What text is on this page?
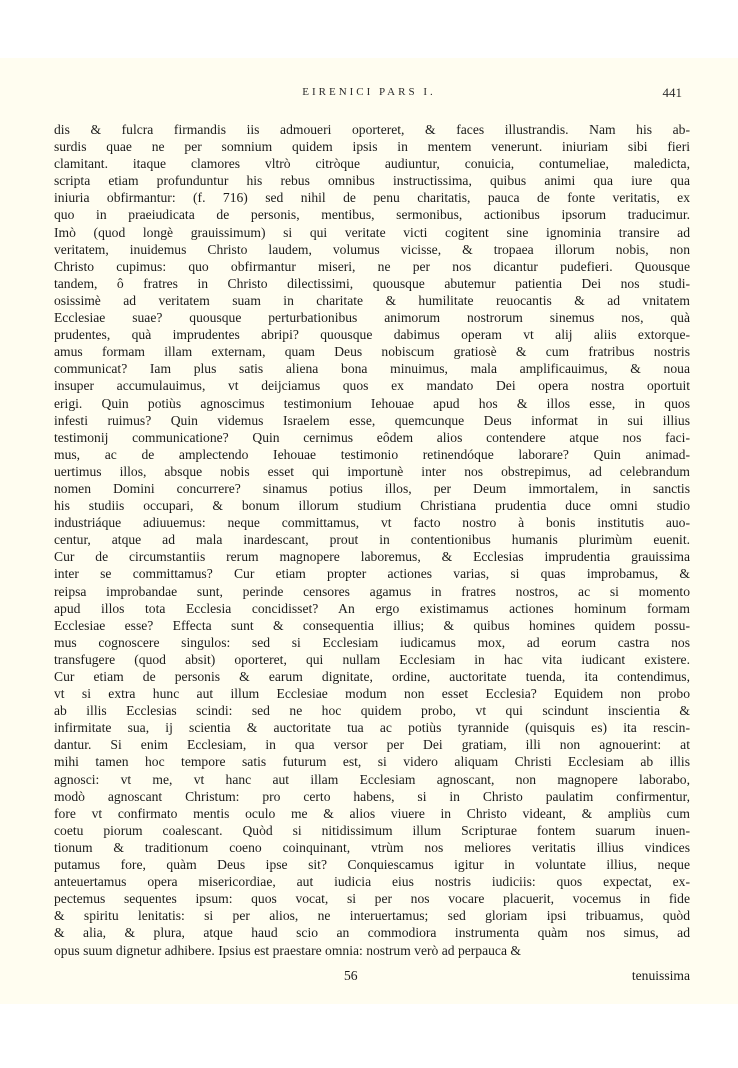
EIRENICI PARS I.	441
dis & fulcra firmandis iis admoueri oporteret, & faces illustrandis. Nam his ab-
surdis quae ne per somnium quidem ipsis in mentem venerunt. iniuriam sibi fieri
clamitant. itaque clamores vltrò citròque audiuntur, conuicia, contumeliae, maledicta,
scripta etiam profunduntur his rebus omnibus instructissima, quibus animi qua iure qua
iniuria obfirmantur: (f. 716) sed nihil de penu charitatis, pauca de fonte veritatis, ex
quo in praeiudicata de personis, mentibus, sermonibus, actionibus ipsorum traducimur.
Imò (quod longè grauissimum) si qui veritate victi cogitent sine ignominia transire ad
veritatem, inuidemus Christo laudem, volumus vicisse, & tropaea illorum nobis, non
Christo cupimus: quo obfirmantur miseri, ne per nos dicantur pudefieri. Quousque
tandem, ô fratres in Christo dilectissimi, quousque abutemur patientia Dei nos studi-
osissimè ad veritatem suam in charitate & humilitate reuocantis & ad vnitatem
Ecclesiae suae? quousque perturbationibus animorum nostrorum sinemus nos, quà
prudentes, quà imprudentes abripi? quousque dabimus operam vt alij aliis extorque-
amus formam illam externam, quam Deus nobiscum gratiosè & cum fratribus nostris
communicat? Iam plus satis aliena bona minuimus, mala amplificauimus, & noua
insuper accumulauimus, vt deijciamus quos ex mandato Dei opera nostra oportuit
erigi. Quin potiùs agnoscimus testimonium Iehouae apud hos & illos esse, in quos
infesti ruimus? Quin videmus Israelem esse, quemcunque Deus informat in sui illius
testimonij communicatione? Quin cernimus eôdem alios contendere atque nos faci-
mus, ac de amplectendo Iehouae testimonio retinendóque laborare? Quin animad-
uertimus illos, absque nobis esset qui importunè inter nos obstrepimus, ad celebrandum
nomen Domini concurrere? sinamus potius illos, per Deum immortalem, in sanctis
his studiis occupari, & bonum illorum studium Christiana prudentia duce omni studio
industriáque adiuuemus: neque committamus, vt facto nostro à bonis institutis auo-
centur, atque ad mala inardescant, prout in contentionibus humanis plurimùm euenit.
Cur de circumstantiis rerum magnopere laboremus, & Ecclesias imprudentia grauissima
inter se committamus? Cur etiam propter actiones varias, si quas improbamus, &
reipsa improbandae sunt, perinde censores agamus in fratres nostros, ac si momento
apud illos tota Ecclesia concidisset? An ergo existimamus actiones hominum formam
Ecclesiae esse? Effecta sunt & consequentia illius; & quibus homines quidem possu-
mus cognoscere singulos: sed si Ecclesiam iudicamus mox, ad eorum castra nos
transfugere (quod absit) oporteret, qui nullam Ecclesiam in hac vita iudicant existere.
Cur etiam de personis & earum dignitate, ordine, auctoritate tuenda, ita contendimus,
vt si extra hunc aut illum Ecclesiae modum non esset Ecclesia? Equidem non probo
ab illis Ecclesias scindi: sed ne hoc quidem probo, vt qui scindunt inscientia &
infirmitate sua, ij scientia & auctoritate tua ac potiùs tyrannide (quisquis es) ita rescin-
dantur. Si enim Ecclesiam, in qua versor per Dei gratiam, illi non agnouerint: at
mihi tamen hoc tempore satis futurum est, si videro aliquam Christi Ecclesiam ab illis
agnosci: vt me, vt hanc aut illam Ecclesiam agnoscant, non magnopere laborabo,
modò agnoscant Christum: pro certo habens, si in Christo paulatim confirmentur,
fore vt confirmato mentis oculo me & alios viuere in Christo videant, & ampliùs cum
coetu piorum coalescant. Quòd si nitidissimum illum Scripturae fontem suarum inuen-
tionum & traditionum coeno coinquinant, vtrùm nos meliores veritatis illius vindices
putamus fore, quàm Deus ipse sit? Conquiescamus igitur in voluntate illius, neque
anteuertamus opera misericordiae, aut iudicia eius nostris iudiciis: quos expectat, ex-
pectemus sequentes ipsum: quos vocat, si per nos vocare placuerit, vocemus in fide
& spiritu lenitatis: si per alios, ne interuertamus; sed gloriam ipsi tribuamus, quòd
& alia, & plura, atque haud scio an commodiora instrumenta quàm nos simus, ad
opus suum dignetur adhibere. Ipsius est praestare omnia: nostrum verò ad perpauca &
56	tenuissima
